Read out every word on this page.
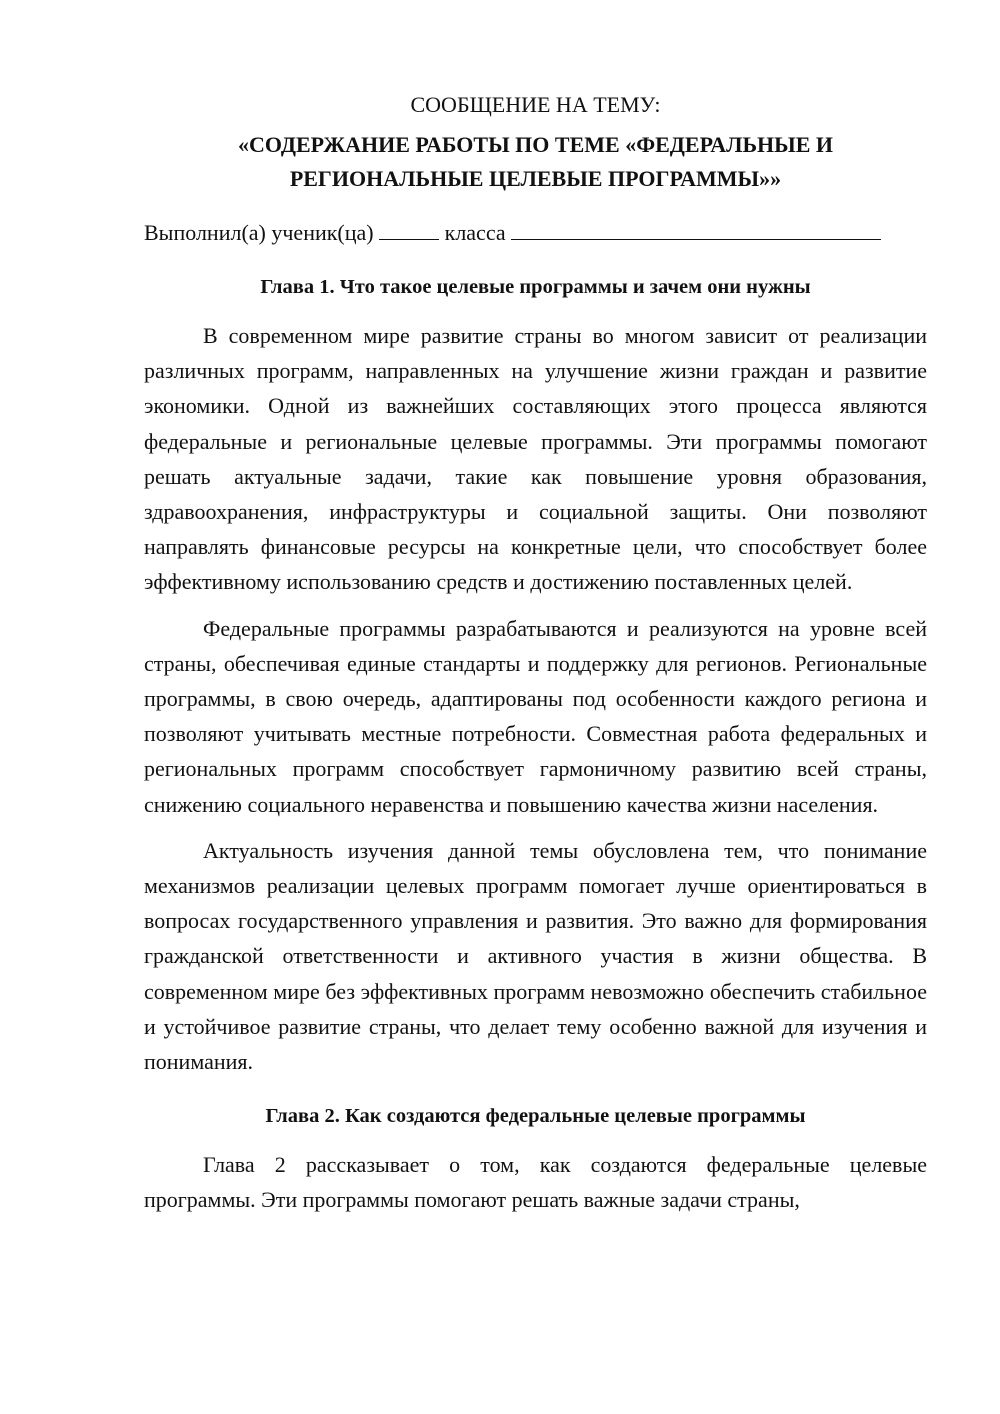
СООБЩЕНИЕ НА ТЕМУ:

«СОДЕРЖАНИЕ РАБОТЫ ПО ТЕМЕ «ФЕДЕРАЛЬНЫЕ И
РЕГИОНАЛЬНЫЕ ЦЕЛЕВЫЕ ПРОГРАММЫ»»

Выполнил(а) ученик(ца)	класса
Глава 1. Что такое целевые программы и зачем они нужны

В современном мире развитие страны во многом зависит от реализации различных программ, направленных на улучшение жизни граждан и развитие экономики. Одной из важнейших составляющих этого процесса являются федеральные и региональные целевые программы. Эти программы помогают решать актуальные задачи, такие как повышение уровня образования, здравоохранения, инфраструктуры и социальной защиты. Они позволяют направлять финансовые ресурсы на конкретные цели, что способствует более эффективному использованию средств и достижению поставленных целей.

Федеральные программы разрабатываются и реализуются на уровне всей страны, обеспечивая единые стандарты и поддержку для регионов. Региональные программы, в свою очередь, адаптированы под особенности каждого региона и позволяют учитывать местные потребности. Совместная работа федеральных и региональных программ способствует гармоничному развитию всей страны, снижению социального неравенства и повышению качества жизни населения.

Актуальность изучения данной темы обусловлена тем, что понимание механизмов реализации целевых программ помогает лучше ориентироваться в вопросах государственного управления и развития. Это важно для формирования гражданской ответственности и активного участия в жизни общества. В современном мире без эффективных программ невозможно обеспечить стабильное и устойчивое развитие страны, что делает тему особенно важной для изучения и понимания.

Глава 2. Как создаются федеральные целевые программы

Глава 2 рассказывает о том, как создаются федеральные целевые программы. Эти программы помогают решать важные задачи страны,
